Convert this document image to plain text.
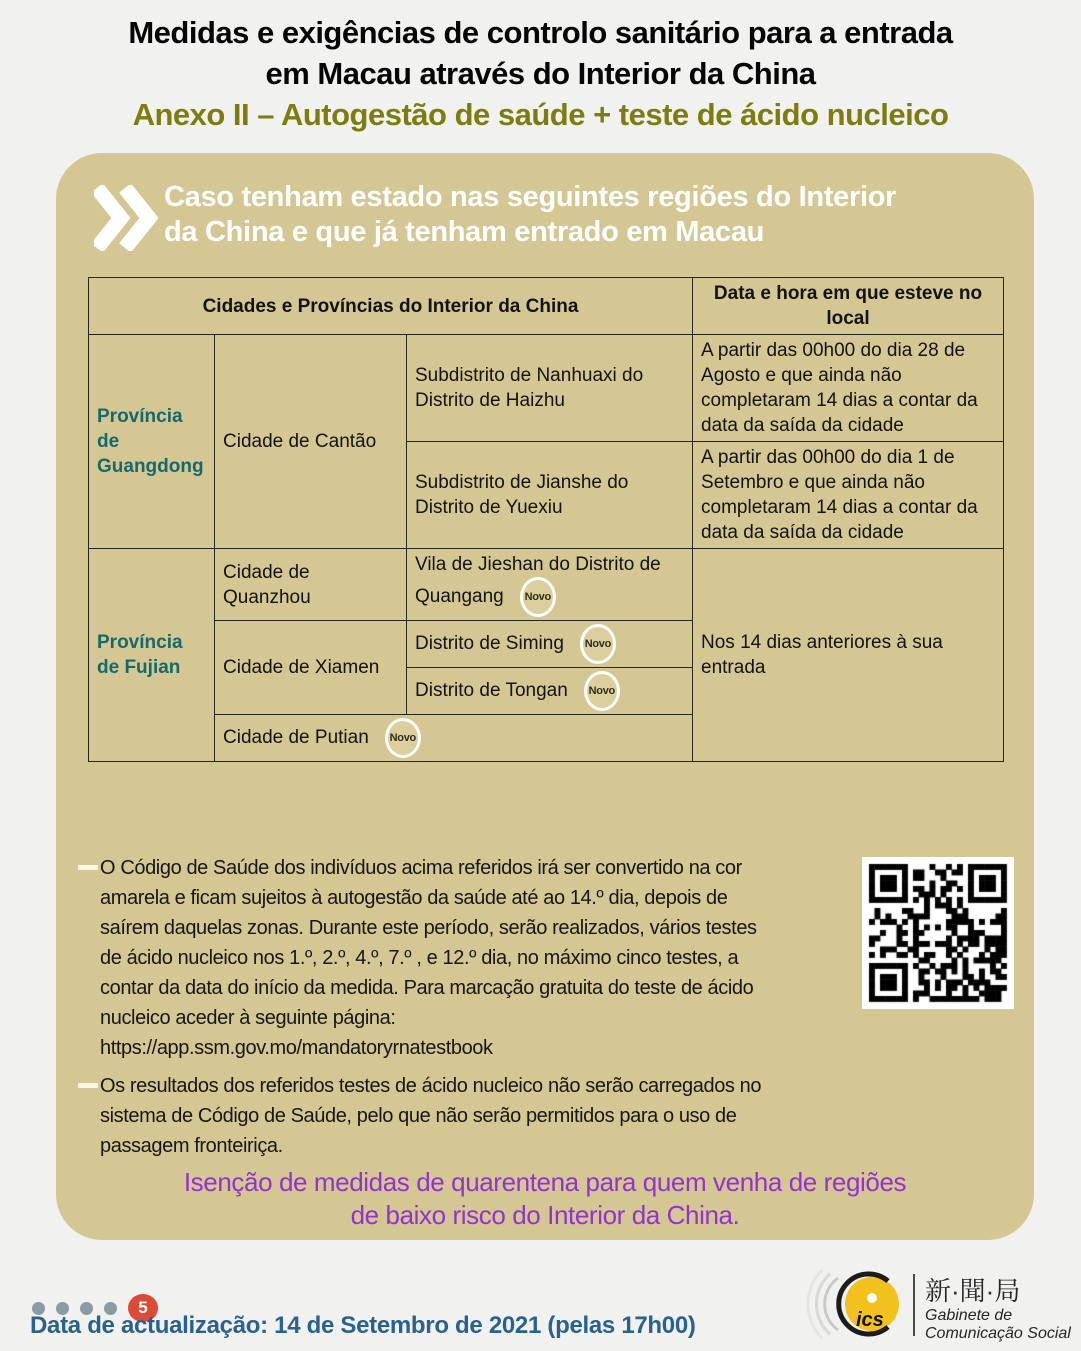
Medidas e exigências de controlo sanitário para a entrada
em Macau através do Interior da China
Anexo II – Autogestão de saúde + teste de ácido nucleico
Caso tenham estado nas seguintes regiões do Interior
da China e que já tenham entrado em Macau
Cidades e Províncias do Interior da China			Data e hora em que esteve no local
Província de Guangdong	Cidade de Cantão	Subdistrito de Nanhuaxi do Distrito de Haizhu	A partir das 00h00 do dia 28 de Agosto e que ainda não completaram 14 dias a contar da data da saída da cidade
		Subdistrito de Jianshe do Distrito de Yuexiu	A partir das 00h00 do dia 1 de Setembro e que ainda não completaram 14 dias a contar da data da saída da cidade
Província de Fujian	Cidade de Quanzhou	Vila de Jieshan do Distrito de Quangang Novo	Nos 14 dias anteriores à sua entrada
	Cidade de Xiamen	Distrito de Siming Novo	
		Distrito de Tongan Novo	
	Cidade de Putian Novo		
O Código de Saúde dos indivíduos acima referidos irá ser convertido na cor
amarela e ficam sujeitos à autogestão da saúde até ao 14.º dia, depois de
saírem daquelas zonas. Durante este período, serão realizados, vários testes
de ácido nucleico nos 1.º, 2.º, 4.º, 7.º , e 12.º dia, no máximo cinco testes, a
contar da data do início da medida. Para marcação gratuita do teste de ácido
nucleico aceder à seguinte página:
https://app.ssm.gov.mo/mandatoryrnatestbook
Os resultados dos referidos testes de ácido nucleico não serão carregados no
sistema de Código de Saúde, pelo que não serão permitidos para o uso de
passagem fronteiriça.
Isenção de medidas de quarentena para quem venha de regiões
de baixo risco do Interior da China.
5
Data de actualização: 14 de Setembro de 2021 (pelas 17h00)	ics
新·聞·局
Gabinete de
Comunicação Social
